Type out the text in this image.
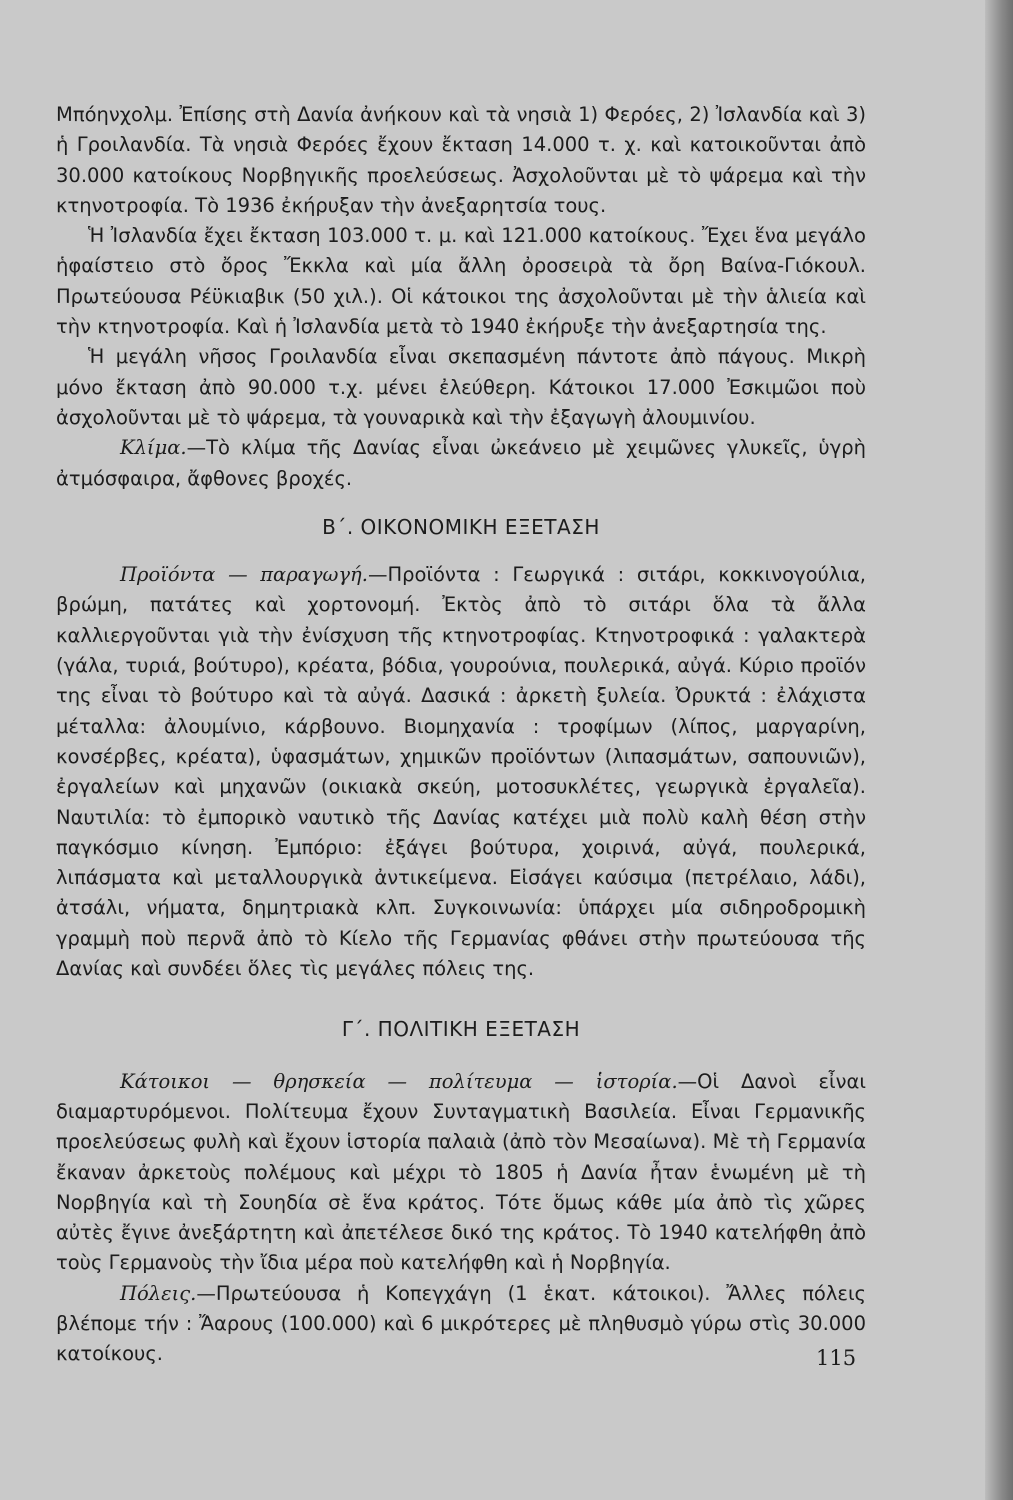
Μπόηνχολμ. Ἐπίσης στὴ Δανία ἀνήκουν καὶ τὰ νησιὰ 1) Φερόες, 2) Ἰσλανδία καὶ 3) ἡ Γροιλανδία. Τὰ νησιὰ Φερόες ἔχουν ἔκταση 14.000 τ. χ. καὶ κατοικοῦνται ἀπὸ 30.000 κατοίκους Νορβηγικῆς προελεύσεως. Ἀσχολοῦνται μὲ τὸ ψάρεμα καὶ τὴν κτηνοτροφία. Τὸ 1936 ἐκήρυξαν τὴν ἀνεξαρητσία τους.

Ἡ Ἰσλανδία ἔχει ἔκταση 103.000 τ. μ. καὶ 121.000 κατοίκους. Ἔχει ἕνα μεγάλο ἡφαίστειο στὸ ὄρος Ἔκκλα καὶ μία ἄλλη ὀροσειρὰ τὰ ὄρη Βαίνα-Γιόκουλ. Πρωτεύουσα Ρέϋκιαβικ (50 χιλ.). Οἱ κάτοικοι της ἀσχολοῦνται μὲ τὴν ἁλιεία καὶ τὴν κτηνοτροφία. Καὶ ἡ Ἰσλανδία μετὰ τὸ 1940 ἐκήρυξε τὴν ἀνεξαρτησία της.

Ἡ μεγάλη νῆσος Γροιλανδία εἶναι σκεπασμένη πάντοτε ἀπὸ πάγους. Μικρὴ μόνο ἔκταση ἀπὸ 90.000 τ.χ. μένει ἐλεύθερη. Κάτοικοι 17.000 Ἐσκιμῶοι ποὺ ἀσχολοῦνται μὲ τὸ ψάρεμα, τὰ γουναρικὰ καὶ τὴν ἐξαγωγὴ ἀλουμινίου.

Κλίμα.—Τὸ κλίμα τῆς Δανίας εἶναι ὠκεάνειο μὲ χειμῶνες γλυκεῖς, ὑγρὴ ἀτμόσφαιρα, ἄφθονες βροχές.

Β΄. ΟΙΚΟΝΟΜΙΚΗ ΕΞΕΤΑΣΗ

Προϊόντα — παραγωγή.—Προϊόντα : Γεωργικά : σιτάρι, κοκκινογούλια, βρώμη, πατάτες καὶ χορτονομή. Ἐκτὸς ἀπὸ τὸ σιτάρι ὅλα τὰ ἄλλα καλλιεργοῦνται γιὰ τὴν ἐνίσχυση τῆς κτηνοτροφίας. Κτηνοτροφικά : γαλακτερὰ (γάλα, τυριά, βούτυρο), κρέατα, βόδια, γουρούνια, πουλερικά, αὐγά. Κύριο προϊόν της εἶναι τὸ βούτυρο καὶ τὰ αὐγά. Δασικά : ἀρκετὴ ξυλεία. Ὀρυκτά : ἐλάχιστα μέταλλα: ἀλουμίνιο, κάρβουνο. Βιομηχανία : τροφίμων (λίπος, μαργαρίνη, κονσέρβες, κρέατα), ὑφασμάτων, χημικῶν προϊόντων (λιπασμάτων, σαπουνιῶν), ἐργαλείων καὶ μηχανῶν (οικιακὰ σκεύη, μοτοσυκλέτες, γεωργικὰ ἐργαλεῖα). Ναυτιλία: τὸ ἐμπορικὸ ναυτικὸ τῆς Δανίας κατέχει μιὰ πολὺ καλὴ θέση στὴν παγκόσμιο κίνηση. Ἐμπόριο: ἐξάγει βούτυρα, χοιρινά, αὐγά, πουλερικά, λιπάσματα καὶ μεταλλουργικὰ ἀντικείμενα. Εἰσάγει καύσιμα (πετρέλαιο, λάδι), ἀτσάλι, νήματα, δημητριακὰ κλπ. Συγκοινωνία: ὑπάρχει μία σιδηροδρομικὴ γραμμὴ ποὺ περνᾶ ἀπὸ τὸ Κίελο τῆς Γερμανίας φθάνει στὴν πρωτεύουσα τῆς Δανίας καὶ συνδέει ὅλες τὶς μεγάλες πόλεις της.

Γ΄. ΠΟΛΙΤΙΚΗ ΕΞΕΤΑΣΗ

Κάτοικοι — θρησκεία — πολίτευμα — ἱστορία.—Οἱ Δανοὶ εἶναι διαμαρτυρόμενοι. Πολίτευμα ἔχουν Συνταγματικὴ Βασιλεία. Εἶναι Γερμανικῆς προελεύσεως φυλὴ καὶ ἔχουν ἱστορία παλαιὰ (ἀπὸ τὸν Μεσαίωνα). Μὲ τὴ Γερμανία ἔκαναν ἀρκετοὺς πολέμους καὶ μέχρι τὸ 1805 ἡ Δανία ἦταν ἑνωμένη μὲ τὴ Νορβηγία καὶ τὴ Σουηδία σὲ ἕνα κράτος. Τότε ὅμως κάθε μία ἀπὸ τὶς χῶρες αὐτὲς ἔγινε ἀνεξάρτητη καὶ ἀπετέλεσε δικό της κράτος. Τὸ 1940 κατελήφθη ἀπὸ τοὺς Γερμανοὺς τὴν ἴδια μέρα ποὺ κατελήφθη καὶ ἡ Νορβηγία.

Πόλεις.—Πρωτεύουσα ἡ Κοπεγχάγη (1 ἑκατ. κάτοικοι). Ἄλλες πόλεις βλέπομε τήν : Ἄαρους (100.000) καὶ 6 μικρότερες μὲ πληθυσμὸ γύρω στὶς 30.000 κατοίκους.	115
